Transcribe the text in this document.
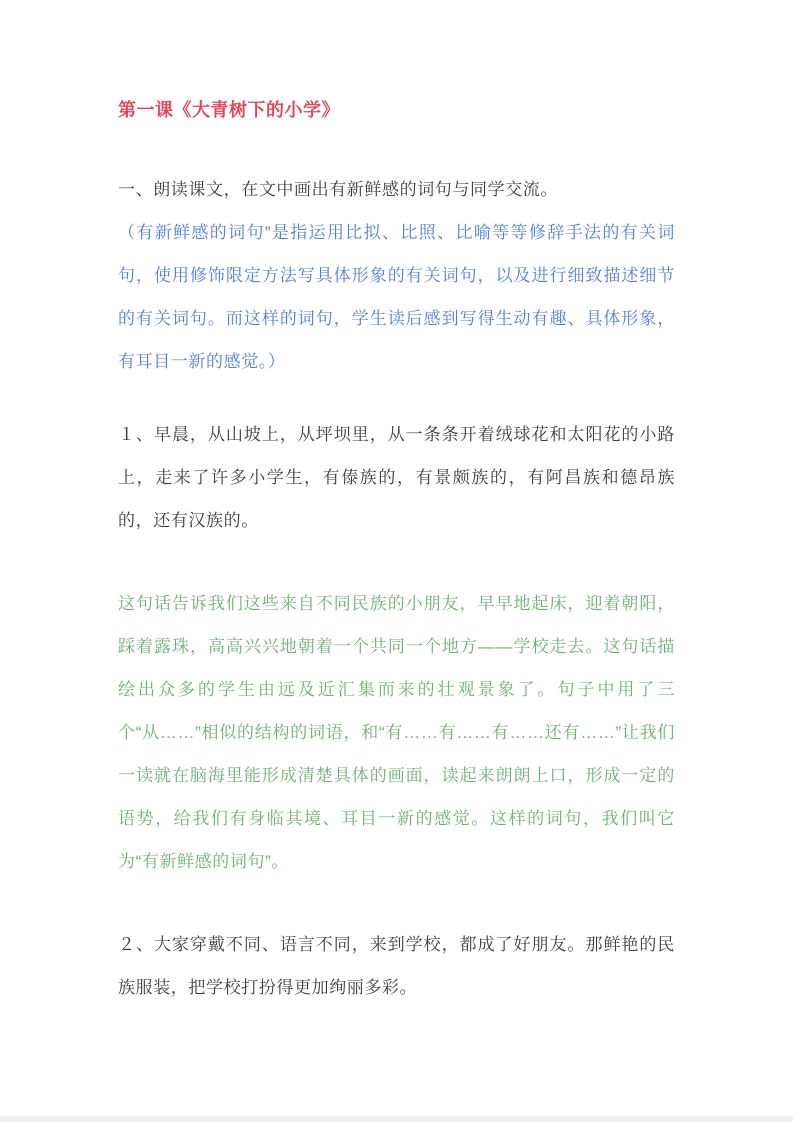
第一课《大青树下的小学》

一、朗读课文，在文中画出有新鲜感的词句与同学交流。

（有新鲜感的词句”是指运用比拟、比照、比喻等等修辞手法的有关词句，使用修饰限定方法写具体形象的有关词句，以及进行细致描述细节的有关词句。而这样的词句，学生读后感到写得生动有趣、具体形象，有耳目一新的感觉。）

１、早晨，从山坡上，从坪坝里，从一条条开着绒球花和太阳花的小路上，走来了许多小学生，有傣族的，有景颇族的，有阿昌族和德昂族的，还有汉族的。

这句话告诉我们这些来自不同民族的小朋友，早早地起床，迎着朝阳，踩着露珠，高高兴兴地朝着一个共同一个地方——学校走去。这句话描绘出众多的学生由远及近汇集而来的壮观景象了。句子中用了三个“从……”相似的结构的词语，和“有……有……有……还有……”让我们一读就在脑海里能形成清楚具体的画面，读起来朗朗上口，形成一定的语势，给我们有身临其境、耳目一新的感觉。这样的词句，我们叫它为“有新鲜感的词句”。

２、大家穿戴不同、语言不同，来到学校，都成了好朋友。那鲜艳的民族服装，把学校打扮得更加绚丽多彩。
